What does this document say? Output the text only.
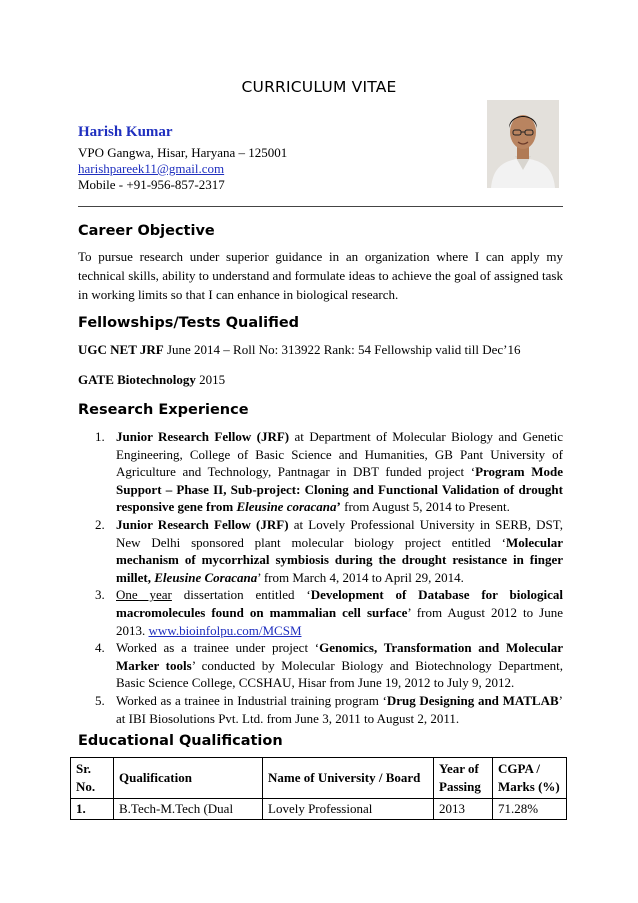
CURRICULUM VITAE
Harish Kumar
VPO Gangwa, Hisar, Haryana – 125001
harishpareek11@gmail.com
Mobile - +91-956-857-2317
Career Objective
To pursue research under superior guidance in an organization where I can apply my technical skills, ability to understand and formulate ideas to achieve the goal of assigned task in working limits so that I can enhance in biological research.
Fellowships/Tests Qualified
UGC NET JRF June 2014 – Roll No: 313922 Rank: 54 Fellowship valid till Dec’16
GATE Biotechnology 2015
Research Experience
1. Junior Research Fellow (JRF) at Department of Molecular Biology and Genetic Engineering, College of Basic Science and Humanities, GB Pant University of Agriculture and Technology, Pantnagar in DBT funded project ‘Program Mode Support – Phase II, Sub-project: Cloning and Functional Validation of drought responsive gene from Eleusine coracana’ from August 5, 2014 to Present.
2. Junior Research Fellow (JRF) at Lovely Professional University in SERB, DST, New Delhi sponsored plant molecular biology project entitled ‘Molecular mechanism of mycorrhizal symbiosis during the drought resistance in finger millet, Eleusine Coracana’ from March 4, 2014 to April 29, 2014.
3. One year dissertation entitled ‘Development of Database for biological macromolecules found on mammalian cell surface’ from August 2012 to June 2013. www.bioinfolpu.com/MCSM
4. Worked as a trainee under project ‘Genomics, Transformation and Molecular Marker tools’ conducted by Molecular Biology and Biotechnology Department, Basic Science College, CCSHAU, Hisar from June 19, 2012 to July 9, 2012.
5. Worked as a trainee in Industrial training program ‘Drug Designing and MATLAB’ at IBI Biosolutions Pvt. Ltd. from June 3, 2011 to August 2, 2011.
Educational Qualification
Sr. No.	Qualification	Name of University / Board	Year of Passing	CGPA / Marks (%)
1.	B.Tech-M.Tech (Dual	Lovely Professional	2013	71.28%
